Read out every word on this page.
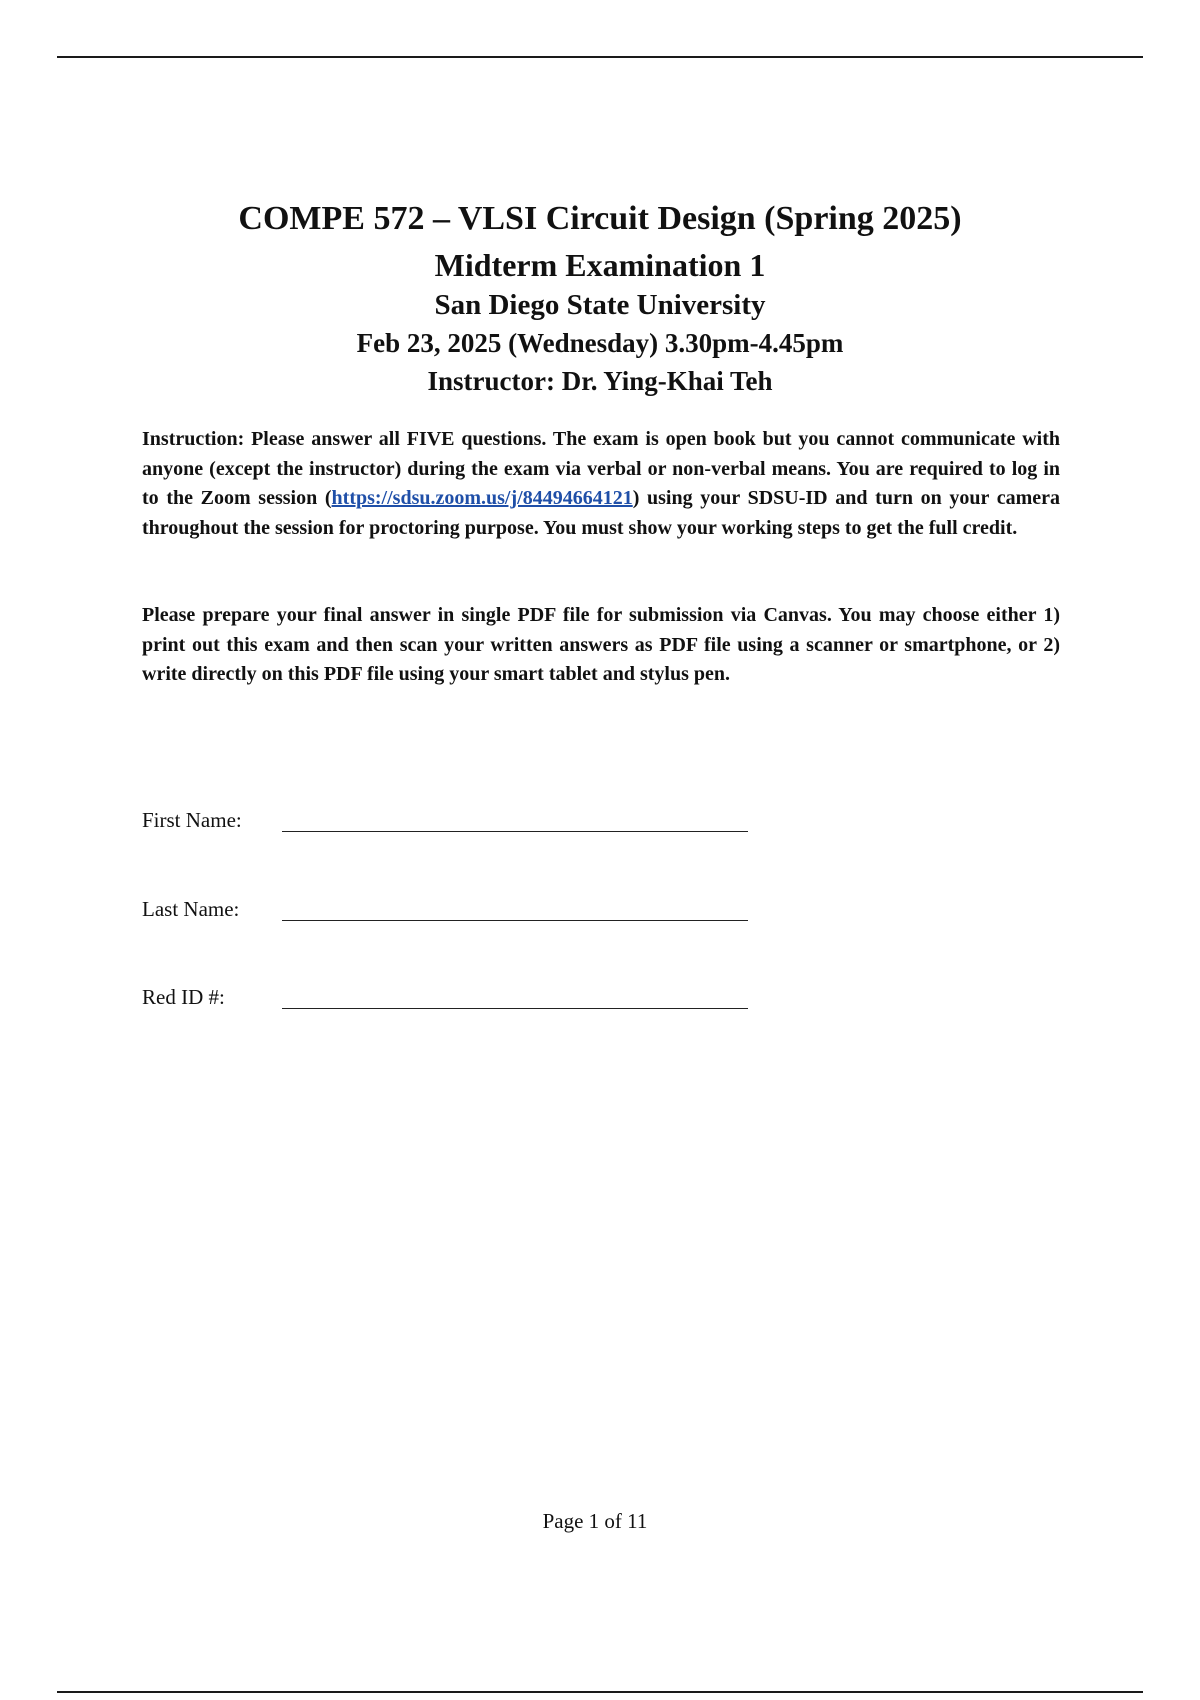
COMPE 572 – VLSI Circuit Design (Spring 2025)
Midterm Examination 1
San Diego State University
Feb 23, 2025 (Wednesday) 3.30pm-4.45pm
Instructor: Dr. Ying-Khai Teh

Instruction: Please answer all FIVE questions. The exam is open book but you cannot communicate with anyone (except the instructor) during the exam via verbal or non-verbal means. You are required to log in to the Zoom session (https://sdsu.zoom.us/j/84494664121) using your SDSU-ID and turn on your camera throughout the session for proctoring purpose. You must show your working steps to get the full credit.

Please prepare your final answer in single PDF file for submission via Canvas. You may choose either 1) print out this exam and then scan your written answers as PDF file using a scanner or smartphone, or 2) write directly on this PDF file using your smart tablet and stylus pen.

First Name:
Last Name:
Red ID #:
Page 1 of 11
